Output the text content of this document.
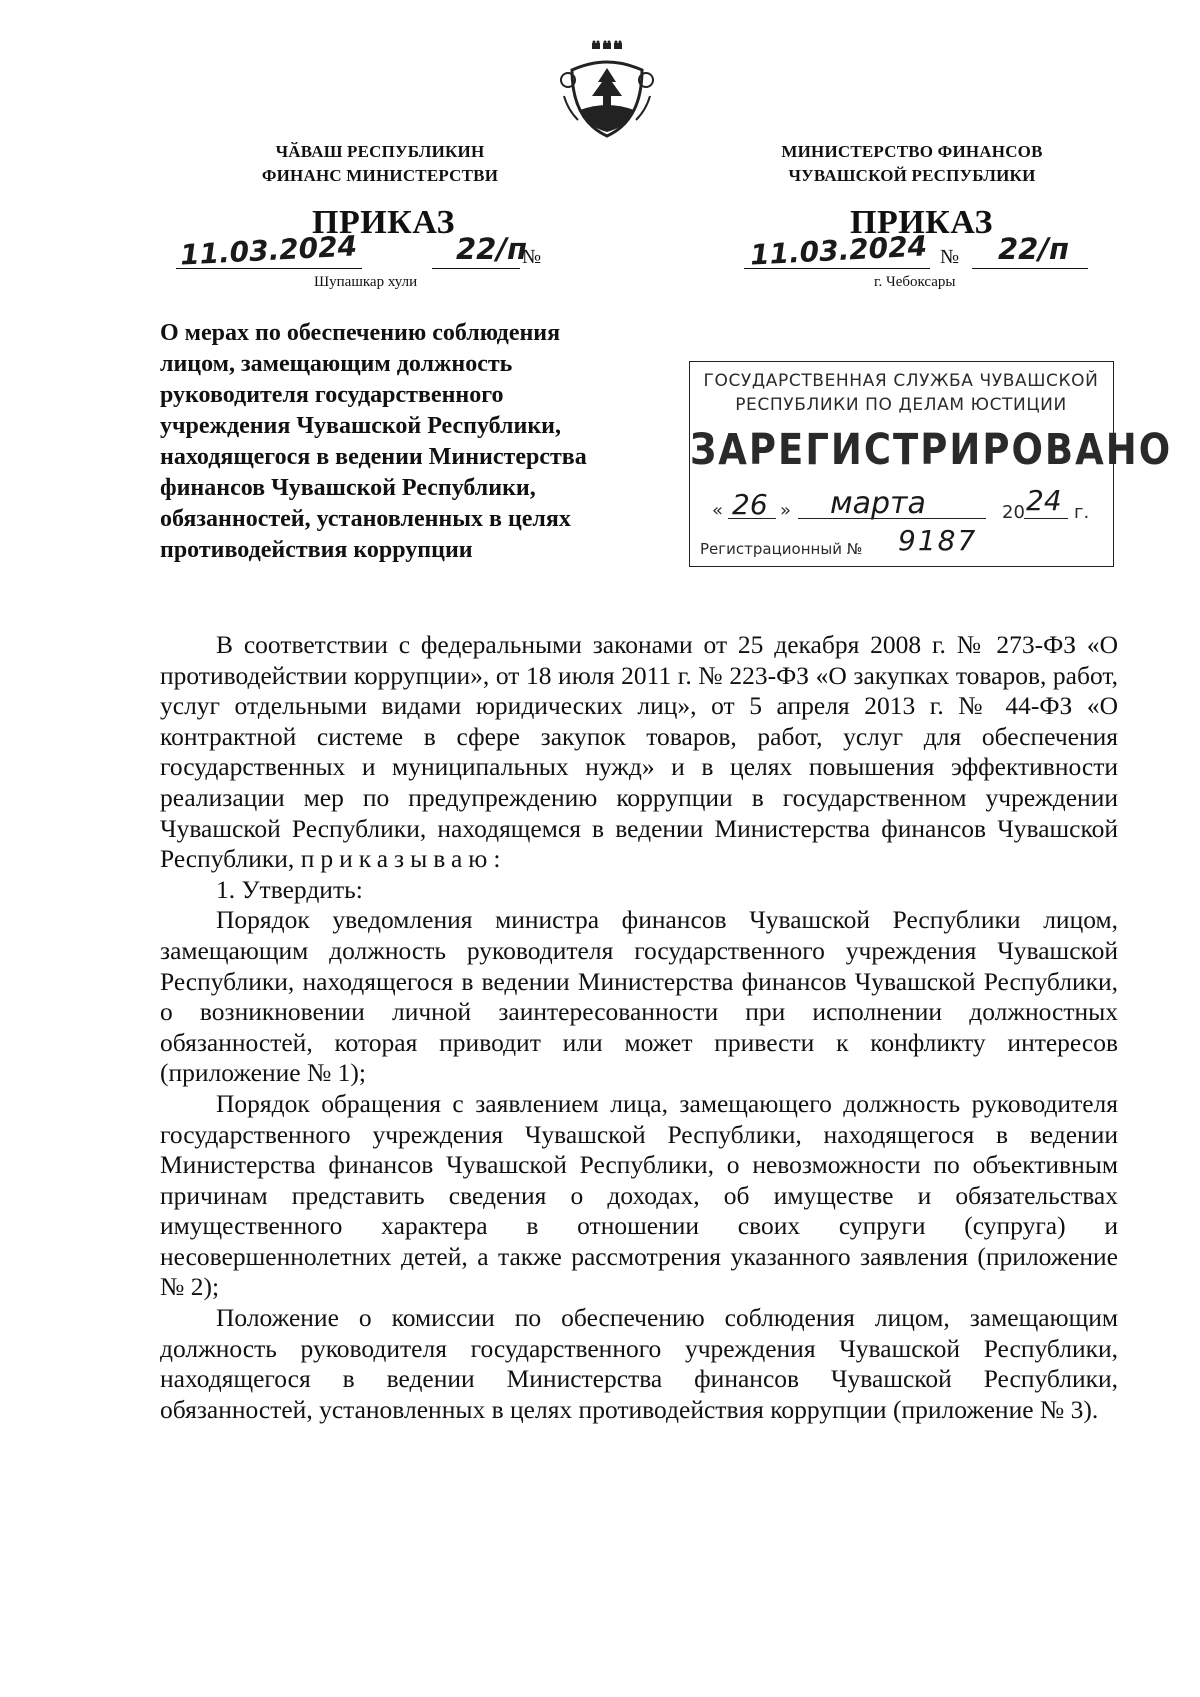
ЧӐВАШ РЕСПУБЛИКИН
ФИНАНС МИНИСТЕРСТВИ
МИНИСТЕРСТВО ФИНАНСОВ
ЧУВАШСКОЙ РЕСПУБЛИКИ
ПРИКАЗ
11.03.2024	22/п
№
Шупашкар хули
ПРИКАЗ
11.03.2024 № 22/п
г. Чебоксары
О мерах по обеспечению соблюдения
лицом, замещающим должность
руководителя государственного
учреждения Чувашской Республики,
находящегося в ведении Министерства
финансов Чувашской Республики,
обязанностей, установленных в целях
противодействия коррупции
ГОСУДАРСТВЕННАЯ СЛУЖБА ЧУВАШСКОЙ
РЕСПУБЛИКИ ПО ДЕЛАМ ЮСТИЦИИ
ЗАРЕГИСТРИРОВАНО
« 26 » марта	20 24 г.
Регистрационный № 9187

В соответствии с федеральными законами от 25 декабря 2008 г. № 273-ФЗ «О противодействии коррупции», от 18 июля 2011 г. № 223-ФЗ «О закупках товаров, работ, услуг отдельными видами юридических лиц», от 5 апреля 2013 г. № 44-ФЗ «О контрактной системе в сфере закупок товаров, работ, услуг для обеспечения государственных и муниципальных нужд» и в целях повышения эффективности реализации мер по предупреждению коррупции в государственном учреждении Чувашской Республики, находящемся в ведении Министерства финансов Чувашской Республики, приказываю:

1. Утвердить:

Порядок уведомления министра финансов Чувашской Республики лицом, замещающим должность руководителя государственного учреждения Чувашской Республики, находящегося в ведении Министерства финансов Чувашской Республики, о возникновении личной заинтересованности при исполнении должностных обязанностей, которая приводит или может привести к конфликту интересов (приложение № 1);

Порядок обращения с заявлением лица, замещающего должность руководителя государственного учреждения Чувашской Республики, находящегося в ведении Министерства финансов Чувашской Республики, о невозможности по объективным причинам представить сведения о доходах, об имуществе и обязательствах имущественного характера в отношении своих супруги (супруга) и несовершеннолетних детей, а также рассмотрения указанного заявления (приложение № 2);

Положение о комиссии по обеспечению соблюдения лицом, замещающим должность руководителя государственного учреждения Чувашской Республики, находящегося в ведении Министерства финансов Чувашской Республики, обязанностей, установленных в целях противодействия коррупции (приложение № 3).
